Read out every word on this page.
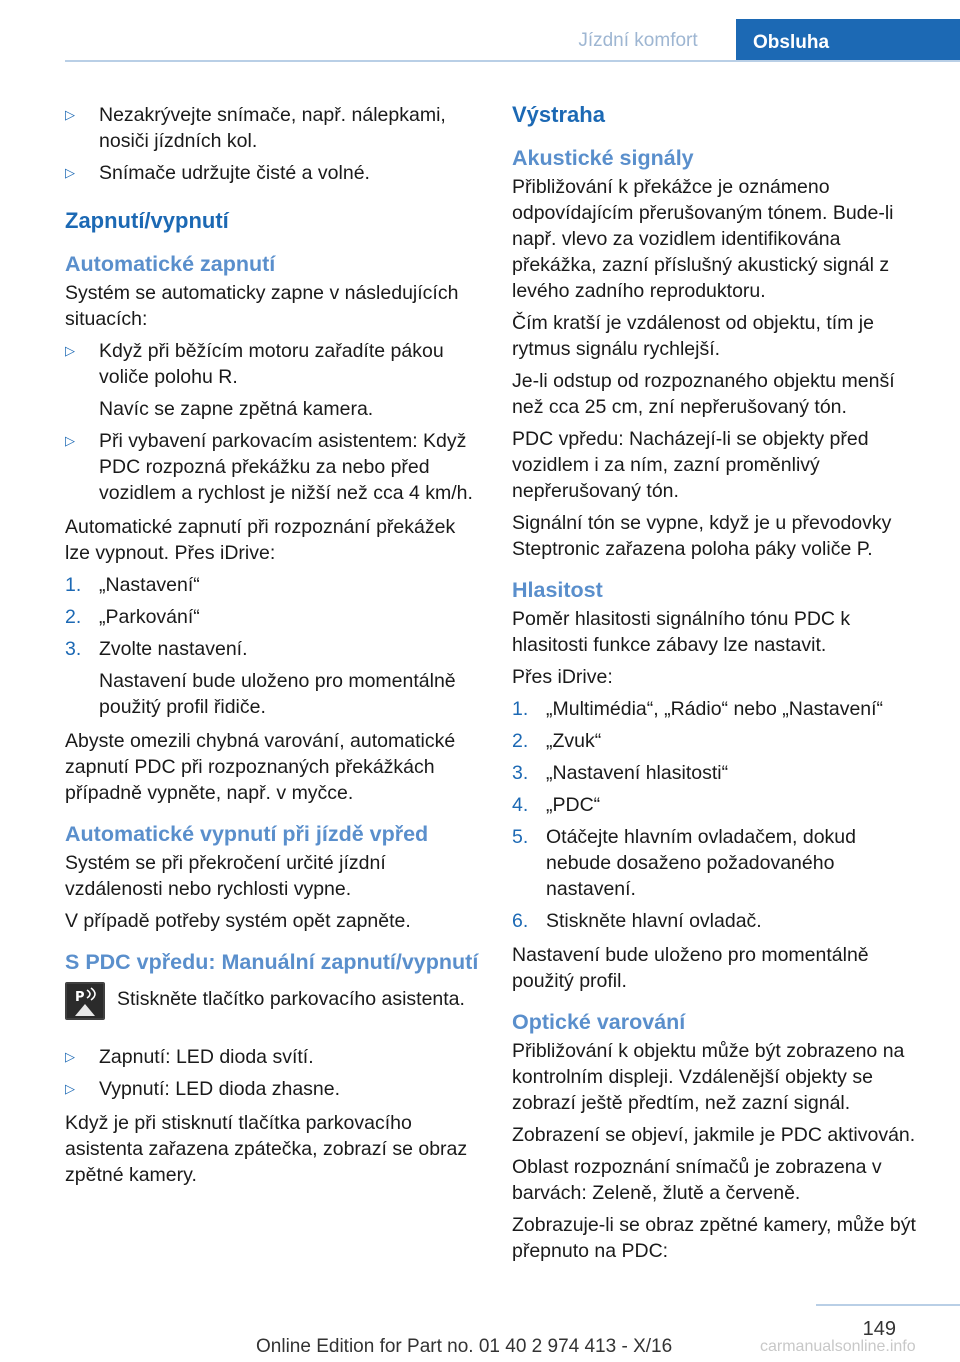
Jízdní komfort	Obsluha
▷ Nezakrývejte snímače, např. nálepkami, nosiči jízdních kol.
▷ Snímače udržujte čisté a volné.
Zapnutí/vypnutí
Automatické zapnutí
Systém se automaticky zapne v následujících situacích:
▷ Když při běžícím motoru zařadíte pákou voliče polohu R.
Navíc se zapne zpětná kamera.
▷ Při vybavení parkovacím asistentem: Když PDC rozpozná překážku za nebo před vozidlem a rychlost je nižší než cca 4 km/h.
Automatické zapnutí při rozpoznání překážek lze vypnout. Přes iDrive:
1. „Nastavení“
2. „Parkování“
3. Zvolte nastavení.
Nastavení bude uloženo pro momentálně použitý profil řidiče.
Abyste omezili chybná varování, automatické zapnutí PDC při rozpoznaných překážkách případně vypněte, např. v myčce.
Automatické vypnutí při jízdě vpřed
Systém se při překročení určité jízdní vzdálenosti nebo rychlosti vypne.
V případě potřeby systém opět zapněte.
S PDC vpředu: Manuální zapnutí/vypnutí
P Stiskněte tlačítko parkovacího asistenta.
▷ Zapnutí: LED dioda svítí.
▷ Vypnutí: LED dioda zhasne.
Když je při stisknutí tlačítka parkovacího asistenta zařazena zpátečka, zobrazí se obraz zpětné kamery.
Výstraha
Akustické signály
Přibližování k překážce je oznámeno odpovídajícím přerušovaným tónem. Bude-li např. vlevo za vozidlem identifikována překážka, zazní příslušný akustický signál z levého zadního reproduktoru.
Čím kratší je vzdálenost od objektu, tím je rytmus signálu rychlejší.
Je-li odstup od rozpoznaného objektu menší než cca 25 cm, zní nepřerušovaný tón.
PDC vpředu: Nacházejí-li se objekty před vozidlem i za ním, zazní proměnlivý nepřerušovaný tón.
Signální tón se vypne, když je u převodovky Steptronic zařazena poloha páky voliče P.
Hlasitost
Poměr hlasitosti signálního tónu PDC k hlasitosti funkce zábavy lze nastavit.
Přes iDrive:
1. „Multimédia“, „Rádio“ nebo „Nastavení“
2. „Zvuk“
3. „Nastavení hlasitosti“
4. „PDC“
5. Otáčejte hlavním ovladačem, dokud nebude dosaženo požadovaného nastavení.
6. Stiskněte hlavní ovladač.
Nastavení bude uloženo pro momentálně použitý profil.
Optické varování
Přibližování k objektu může být zobrazeno na kontrolním displeji. Vzdálenější objekty se zobrazí ještě předtím, než zazní signál.
Zobrazení se objeví, jakmile je PDC aktivován.
Oblast rozpoznání snímačů je zobrazena v barvách: Zeleně, žlutě a červeně.
Zobrazuje-li se obraz zpětné kamery, může být přepnuto na PDC:
149
Online Edition for Part no. 01 40 2 974 413 - X/16	carmanualsonline.info
